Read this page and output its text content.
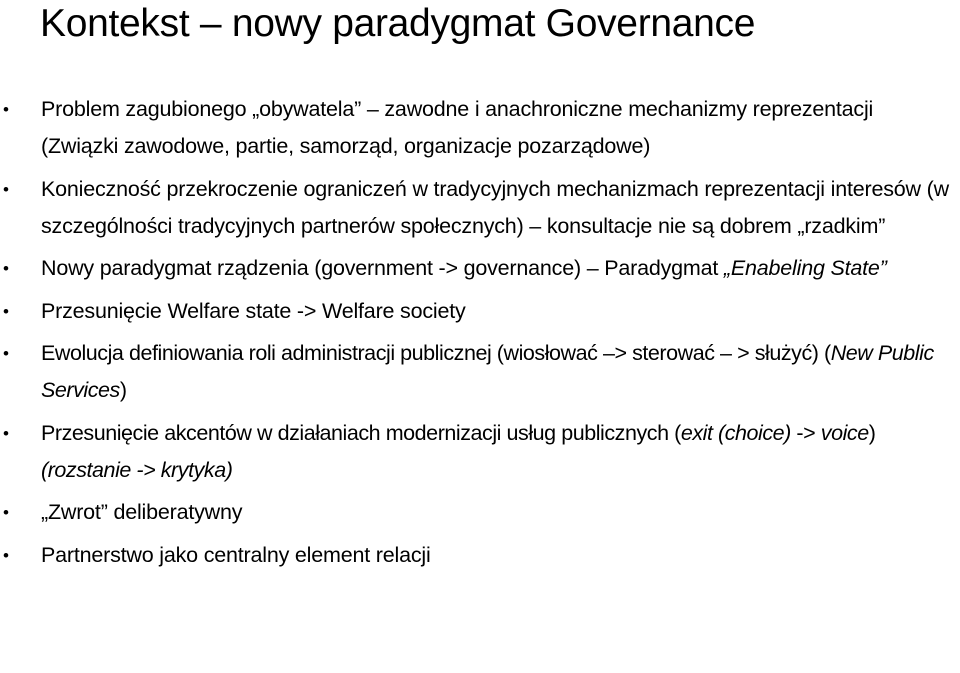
Kontekst – nowy paradygmat Governance
• Problem zagubionego „obywatela” – zawodne i anachroniczne mechanizmy reprezentacji (Związki zawodowe, partie, samorząd, organizacje pozarządowe)
• Konieczność przekroczenie ograniczeń w tradycyjnych mechanizmach reprezentacji interesów (w szczególności tradycyjnych partnerów społecznych) – konsultacje nie są dobrem „rzadkim”
• Nowy paradygmat rządzenia (government -> governance) – Paradygmat „Enabeling State”
• Przesunięcie Welfare state -> Welfare society
• Ewolucja definiowania roli administracji publicznej (wiosłować –> sterować – > służyć) (New Public Services)
• Przesunięcie akcentów w działaniach modernizacji usług publicznych (exit (choice) -> voice) (rozstanie -> krytyka)
• „Zwrot” deliberatywny
• Partnerstwo jako centralny element relacji
